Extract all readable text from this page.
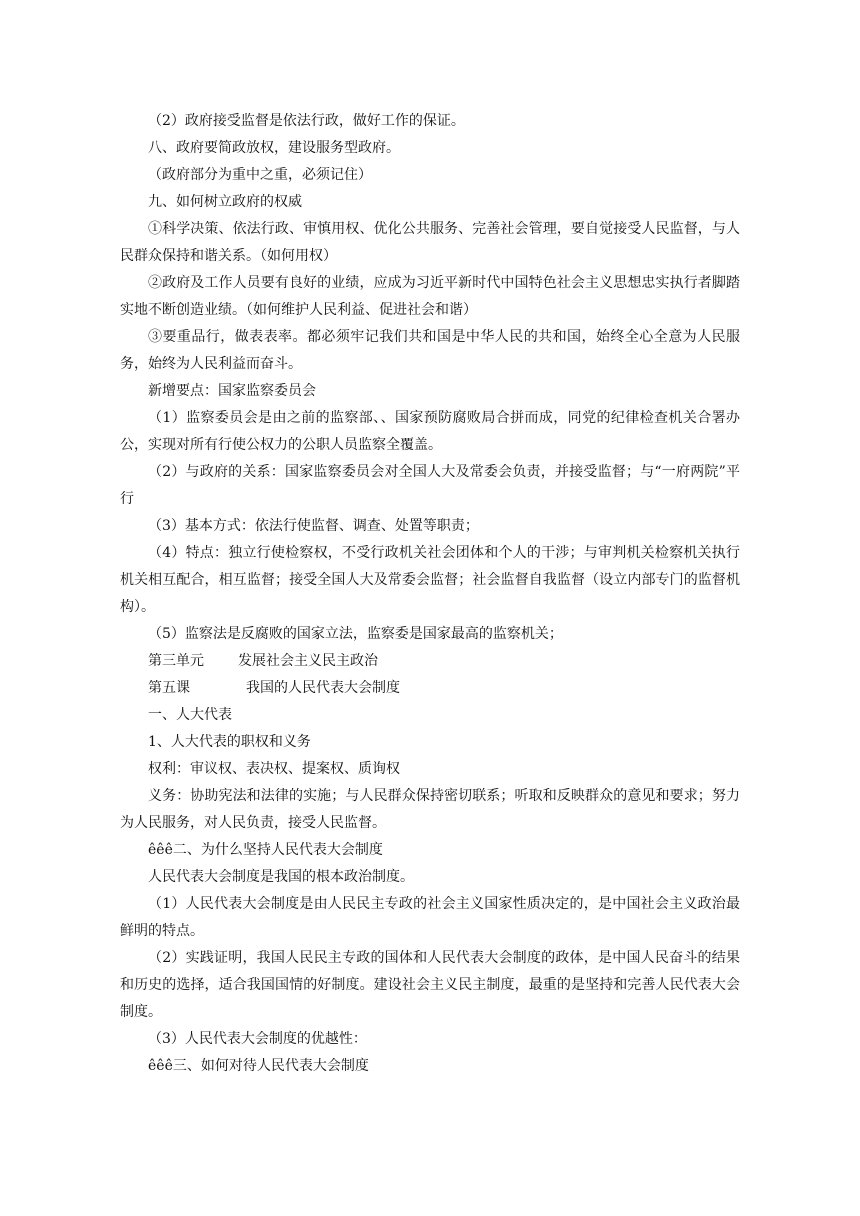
（2）政府接受监督是依法行政，做好工作的保证。

八、政府要简政放权，建设服务型政府。

（政府部分为重中之重，必须记住）

九、如何树立政府的权威

①科学决策、依法行政、审慎用权、优化公共服务、完善社会管理，要自觉接受人民监督，与人民群众保持和谐关系。（如何用权）

②政府及工作人员要有良好的业绩，应成为习近平新时代中国特色社会主义思想忠实执行者脚踏实地不断创造业绩。（如何维护人民利益、促进社会和谐）

③要重品行，做表表率。都必须牢记我们共和国是中华人民的共和国，始终全心全意为人民服务，始终为人民利益而奋斗。

新增要点：国家监察委员会

（1）监察委员会是由之前的监察部、、国家预防腐败局合拼而成，同党的纪律检查机关合署办公，实现对所有行使公权力的公职人员监察全覆盖。

（2）与政府的关系：国家监察委员会对全国人大及常委会负责，并接受监督；与“一府两院”平行

（3）基本方式：依法行使监督、调查、处置等职责；

（4）特点：独立行使检察权，不受行政机关社会团体和个人的干涉；与审判机关检察机关执行机关相互配合，相互监督；接受全国人大及常委会监督；社会监督自我监督（设立内部专门的监督机构）。

（5）监察法是反腐败的国家立法，监察委是国家最高的监察机关；

第三单元 发展社会主义民主政治

第五课	我国的人民代表大会制度

一、人大代表

1、人大代表的职权和义务

权利：审议权、表决权、提案权、质询权

义务：协助宪法和法律的实施；与人民群众保持密切联系；听取和反映群众的意见和要求；努力为人民服务，对人民负责，接受人民监督。

êêê二、为什么坚持人民代表大会制度

人民代表大会制度是我国的根本政治制度。

（1）人民代表大会制度是由人民民主专政的社会主义国家性质决定的，是中国社会主义政治最鲜明的特点。

（2）实践证明，我国人民民主专政的国体和人民代表大会制度的政体，是中国人民奋斗的结果和历史的选择，适合我国国情的好制度。建设社会主义民主制度，最重的是坚持和完善人民代表大会制度。

（3）人民代表大会制度的优越性：

êêê三、如何对待人民代表大会制度
